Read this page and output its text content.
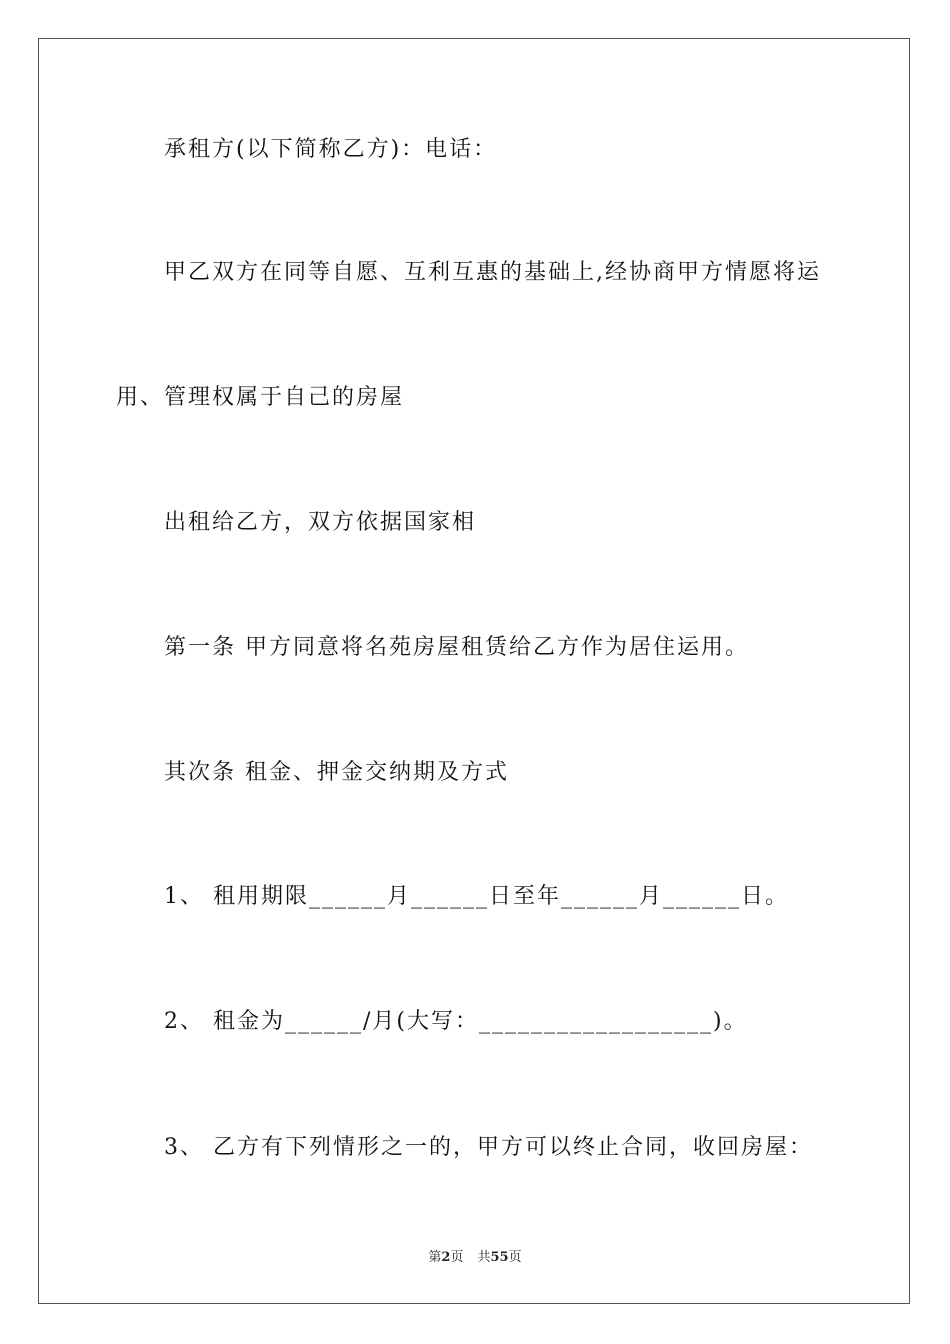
承租方(以下简称乙方)：电话：
甲乙双方在同等自愿、互利互惠的基础上,经协商甲方情愿将运
用、管理权属于自己的房屋
出租给乙方，双方依据国家相
第一条 甲方同意将名苑房屋租赁给乙方作为居住运用。
其次条 租金、押金交纳期及方式
1、 租用期限______月______日至年______月______日。
2、 租金为______/月(大写：__________________)。
3、 乙方有下列情形之一的，甲方可以终止合同，收回房屋：
第2页 共55页
